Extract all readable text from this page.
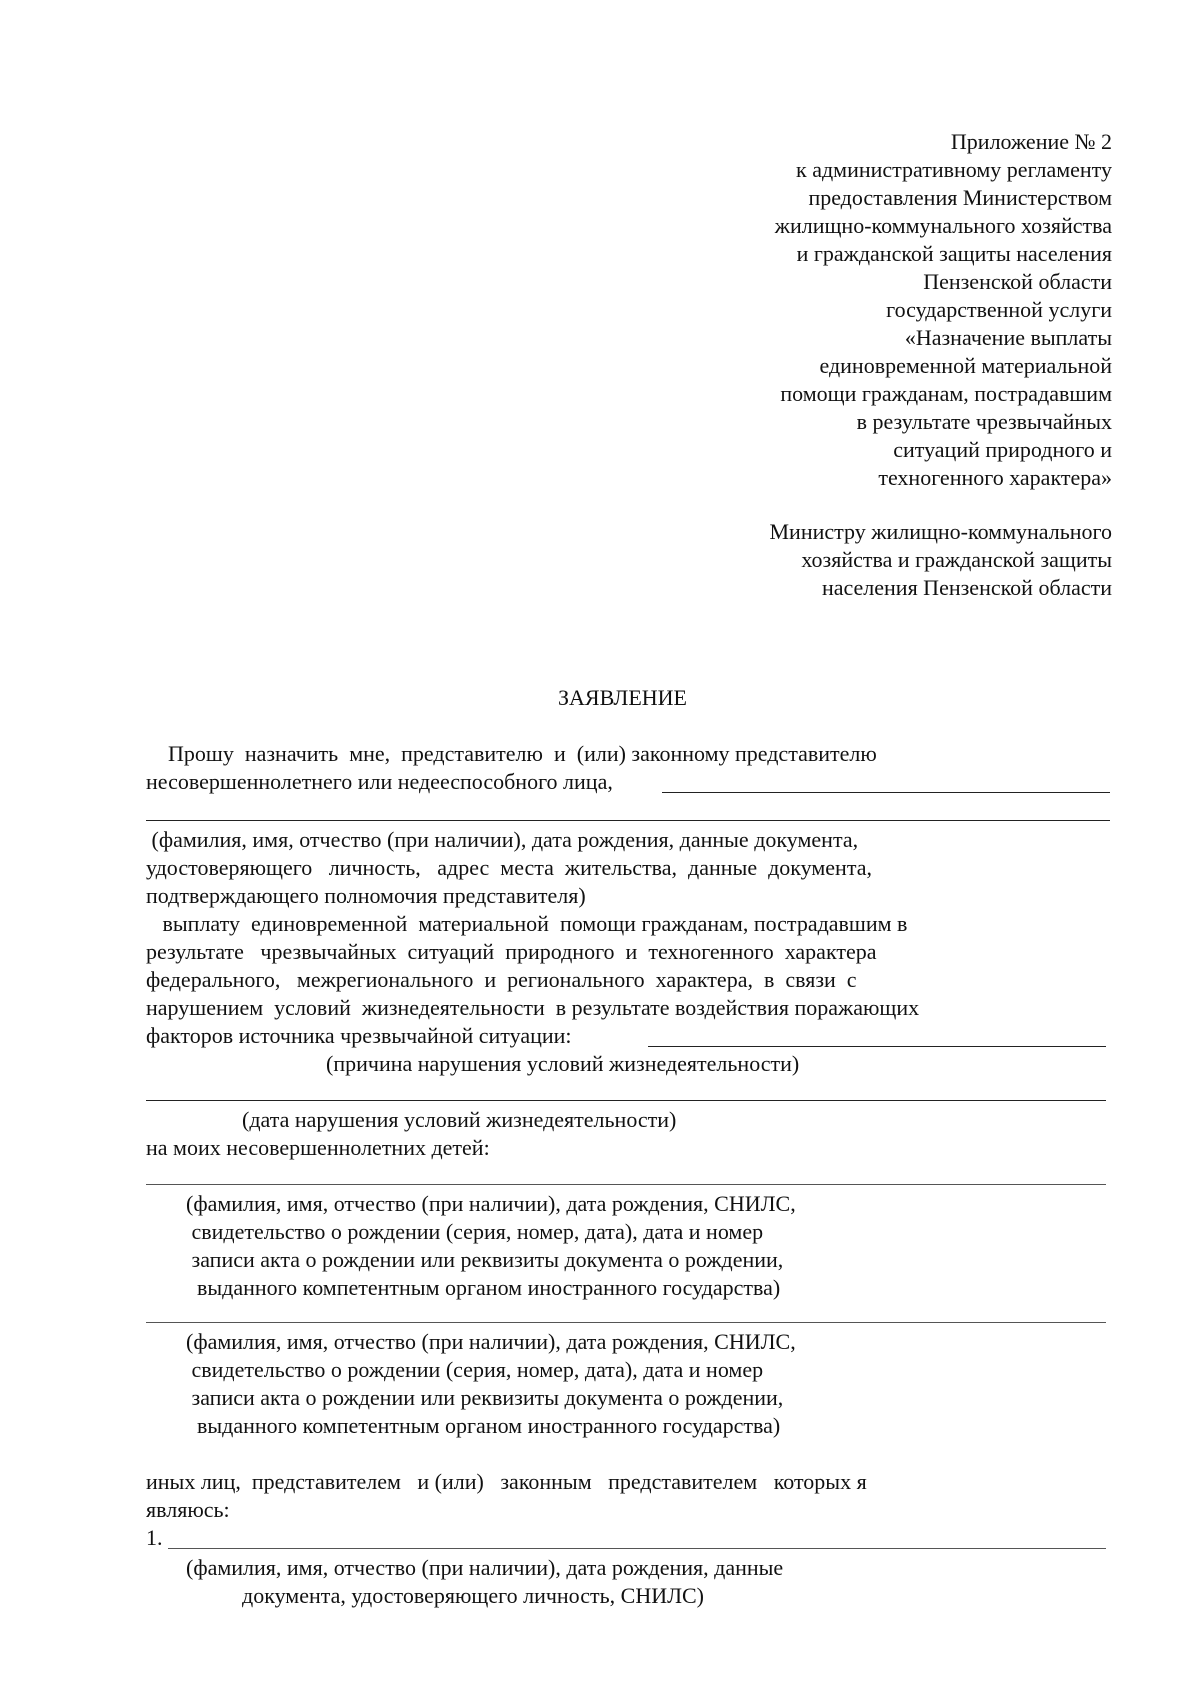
Приложение № 2
к административному регламенту
предоставления Министерством
жилищно-коммунального хозяйства
и гражданской защиты населения
Пензенской области
государственной услуги
«Назначение выплаты
единовременной материальной
помощи гражданам, пострадавшим
в результате чрезвычайных
ситуаций природного и
техногенного характера»
Министру жилищно-коммунального
хозяйства и гражданской защиты
населения Пензенской области
ЗАЯВЛЕНИЕ
Прошу  назначить  мне,  представителю  и  (или) законному представителю
несовершеннолетнего или недееспособного лица,
(фамилия, имя, отчество (при наличии), дата рождения, данные документа,
удостоверяющего   личность,   адрес  места  жительства,  данные  документа,
подтверждающего полномочия представителя)
выплату  единовременной  материальной  помощи гражданам, пострадавшим в
результате   чрезвычайных  ситуаций  природного  и  техногенного  характера
федерального,   межрегионального  и  регионального  характера,  в  связи  с
нарушением  условий  жизнедеятельности  в результате воздействия поражающих
факторов источника чрезвычайной ситуации:
(причина нарушения условий жизнедеятельности)
(дата нарушения условий жизнедеятельности)
на моих несовершеннолетних детей:
(фамилия, имя, отчество (при наличии), дата рождения, СНИЛС,
свидетельство о рождении (серия, номер, дата), дата и номер
записи акта о рождении или реквизиты документа о рождении,
выданного компетентным органом иностранного государства)
(фамилия, имя, отчество (при наличии), дата рождения, СНИЛС,
свидетельство о рождении (серия, номер, дата), дата и номер
записи акта о рождении или реквизиты документа о рождении,
выданного компетентным органом иностранного государства)
иных лиц,  представителем   и (или)   законным   представителем   которых я
являюсь:
1.
(фамилия, имя, отчество (при наличии), дата рождения, данные
документа, удостоверяющего личность, СНИЛС)
